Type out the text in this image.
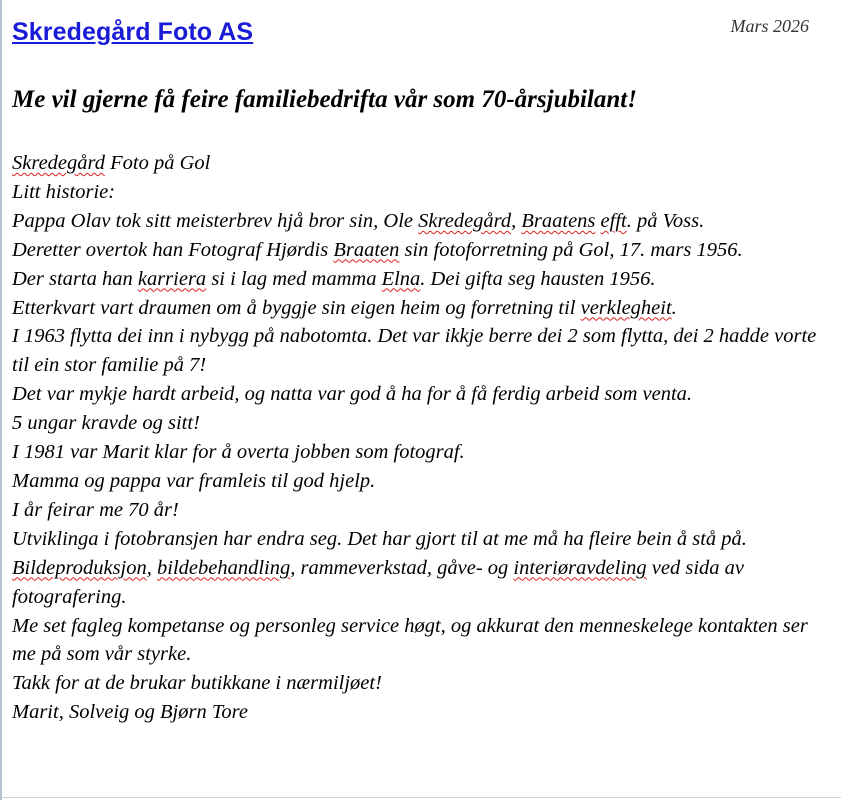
Skredegård Foto AS	Mars 2026
Me vil gjerne få feire familiebedrifta vår som 70-årsjubilant!

Skredegård Foto på Gol

Litt historie:

Pappa Olav tok sitt meisterbrev hjå bror sin, Ole Skredegård, Braatens efft. på Voss.

Deretter overtok han Fotograf Hjørdis Braaten sin fotoforretning på Gol, 17. mars 1956.

Der starta han karriera si i lag med mamma Elna. Dei gifta seg hausten 1956.

Etterkvart vart draumen om å byggje sin eigen heim og forretning til verklegheit.

I 1963 flytta dei inn i nybygg på nabotomta. Det var ikkje berre dei 2 som flytta, dei 2 hadde vorte til ein stor familie på 7!

Det var mykje hardt arbeid, og natta var god å ha for å få ferdig arbeid som venta.

5 ungar kravde og sitt!

I 1981 var Marit klar for å overta jobben som fotograf.

Mamma og pappa var framleis til god hjelp.

I år feirar me 70 år!

Utviklinga i fotobransjen har endra seg. Det har gjort til at me må ha fleire bein å stå på.

Bildeproduksjon, bildebehandling, rammeverkstad, gåve- og interiøravdeling ved sida av fotografering.

Me set fagleg kompetanse og personleg service høgt, og akkurat den menneskelege kontakten ser me på som vår styrke.

Takk for at de brukar butikkane i nærmiljøet!

Marit, Solveig og Bjørn Tore
